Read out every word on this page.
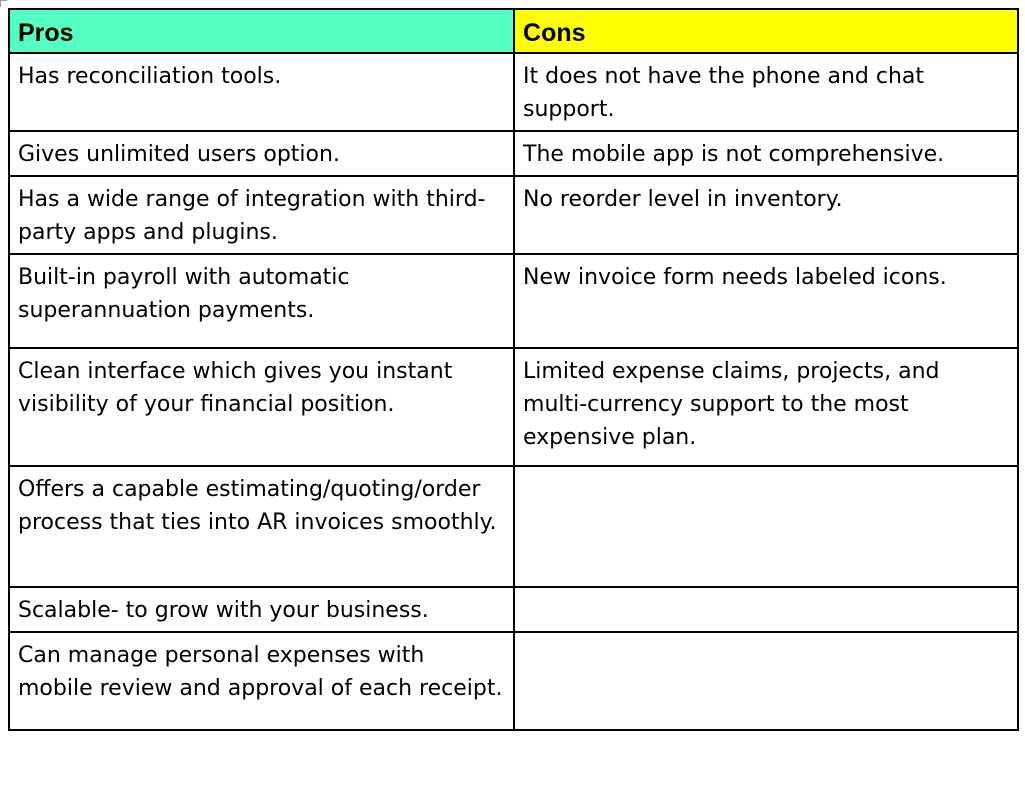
Pros	Cons
Has reconciliation tools.	It does not have the phone and chat support.
Gives unlimited users option.	The mobile app is not comprehensive.
Has a wide range of integration with third-party apps and plugins.	No reorder level in inventory.
Built-in payroll with automatic superannuation payments.	New invoice form needs labeled icons.
Clean interface which gives you instant visibility of your financial position.	Limited expense claims, projects, and multi-currency support to the most expensive plan.
Offers a capable estimating/quoting/order process that ties into AR invoices smoothly.	
Scalable- to grow with your business.	
Can manage personal expenses with mobile review and approval of each receipt.	
